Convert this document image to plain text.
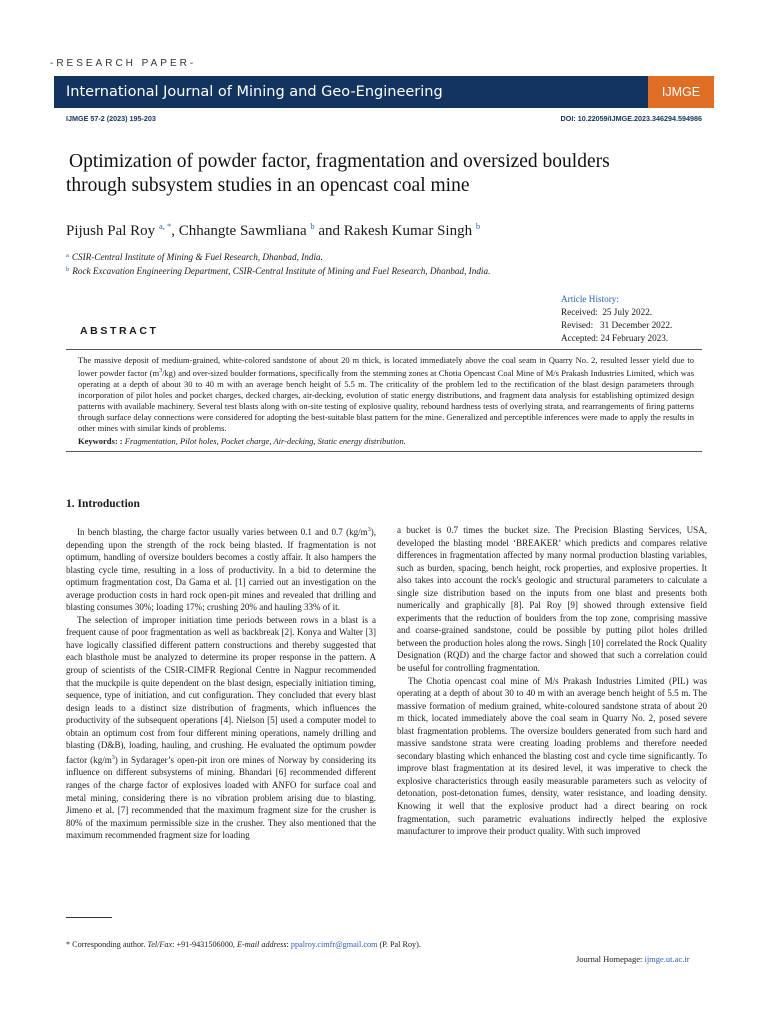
-RESEARCH PAPER-
International Journal of Mining and Geo-Engineering	IJMGE
IJMGE 57-2 (2023) 195-203	DOI: 10.22059/IJMGE.2023.346294.594986
Optimization of powder factor, fragmentation and oversized boulders
through subsystem studies in an opencast coal mine
Pijush Pal Roy $^{a, *}$, Chhangte Sawmliana $^b$ and Rakesh Kumar Singh $^b$
$^a$ CSIR-Central Institute of Mining & Fuel Research, Dhanbad, India.
$^b$ Rock Excavation Engineering Department, CSIR-Central Institute of Mining and Fuel Research, Dhanbad, India.
Article History:
Received:  25 July 2022.
Revised:   31 December 2022.
Accepted: 24 February 2023.
ABSTRACT

The massive deposit of medium-grained, white-colored sandstone of about 20 m thick, is located immediately above the coal seam in Quarry No. 2, resulted lesser yield due to lower powder factor $(m^3/kg)$ and over-sized boulder formations, specifically from the stemming zones at Chotia Opencast Coal Mine of M/s Prakash Industries Limited, which was operating at a depth of about 30 to 40 m with an average bench height of 5.5 m. The criticality of the problem led to the rectification of the blast design parameters through incorporation of pilot holes and pocket charges, decked charges, air-decking, evolution of static energy distributions, and fragment data analysis for establishing optimized design patterns with available machinery. Several test blasts along with on-site testing of explosive quality, rebound hardness tests of overlying strata, and rearrangements of firing patterns through surface delay connections were considered for adopting the best-suitable blast pattern for the mine. Generalized and perceptible inferences were made to apply the results in other mines with similar kinds of problems.

Keywords: : Fragmentation, Pilot holes, Pocket charge, Air-decking, Static energy distribution.
1. Introduction

In bench blasting, the charge factor usually varies between 0.1 and 0.7 $(kg/m^3)$, depending upon the strength of the rock being blasted. If fragmentation is not optimum, handling of oversize boulders becomes a costly affair. It also hampers the blasting cycle time, resulting in a loss of productivity. In a bid to determine the optimum fragmentation cost, Da Gama et al. [1] carried out an investigation on the average production costs in hard rock open-pit mines and revealed that drilling and blasting consumes 30%; loading 17%; crushing 20% and hauling 33% of it.

The selection of improper initiation time periods between rows in a blast is a frequent cause of poor fragmentation as well as backbreak [2]. Konya and Walter [3] have logically classified different pattern constructions and thereby suggested that each blasthole must be analyzed to determine its proper response in the pattern. A group of scientists of the CSIR-CIMFR Regional Centre in Nagpur recommended that the muckpile is quite dependent on the blast design, especially initiation timing, sequence, type of initiation, and cut configuration. They concluded that every blast design leads to a distinct size distribution of fragments, which influences the productivity of the subsequent operations [4]. Nielson [5] used a computer model to obtain an optimum cost from four different mining operations, namely drilling and blasting (D&B), loading, hauling, and crushing. He evaluated the optimum powder factor $(kg/m^3)$ in Sydarager’s open-pit iron ore mines of Norway by considering its influence on different subsystems of mining. Bhandari [6] recommended different ranges of the charge factor of explosives loaded with ANFO for surface coal and metal mining, considering there is no vibration problem arising due to blasting. Jimeno et al. [7] recommended that the maximum fragment size for the crusher is 80% of the maximum permissible size in the crusher. They also mentioned that the maximum recommended fragment size for loading

a bucket is 0.7 times the bucket size. The Precision Blasting Services, USA, developed the blasting model ‘BREAKER’ which predicts and compares relative differences in fragmentation affected by many normal production blasting variables, such as burden, spacing, bench height, rock properties, and explosive properties. It also takes into account the rock's geologic and structural parameters to calculate a single size distribution based on the inputs from one blast and presents both numerically and graphically [8]. Pal Roy [9] showed through extensive field experiments that the reduction of boulders from the top zone, comprising massive and coarse-grained sandstone, could be possible by putting pilot holes drilled between the production holes along the rows. Singh [10] correlated the Rock Quality Designation (RQD) and the charge factor and showed that such a correlation could be useful for controlling fragmentation.

The Chotia opencast coal mine of M/s Prakash Industries Limited (PIL) was operating at a depth of about 30 to 40 m with an average bench height of 5.5 m. The massive formation of medium grained, white-coloured sandstone strata of about 20 m thick, located immediately above the coal seam in Quarry No. 2, posed severe blast fragmentation problems. The oversize boulders generated from such hard and massive sandstone strata were creating loading problems and therefore needed secondary blasting which enhanced the blasting cost and cycle time significantly. To improve blast fragmentation at its desired level, it was imperative to check the explosive characteristics through easily measurable parameters such as velocity of detonation, post-detonation fumes, density, water resistance, and loading density. Knowing it well that the explosive product had a direct bearing on rock fragmentation, such parametric evaluations indirectly helped the explosive manufacturer to improve their product quality. With such improved

* Corresponding author. Tel/Fax: +91-9431506000, E-mail address: ppalroy.cimfr@gmail.com (P. Pal Roy).
Journal Homepage: ijmge.ut.ac.ir
